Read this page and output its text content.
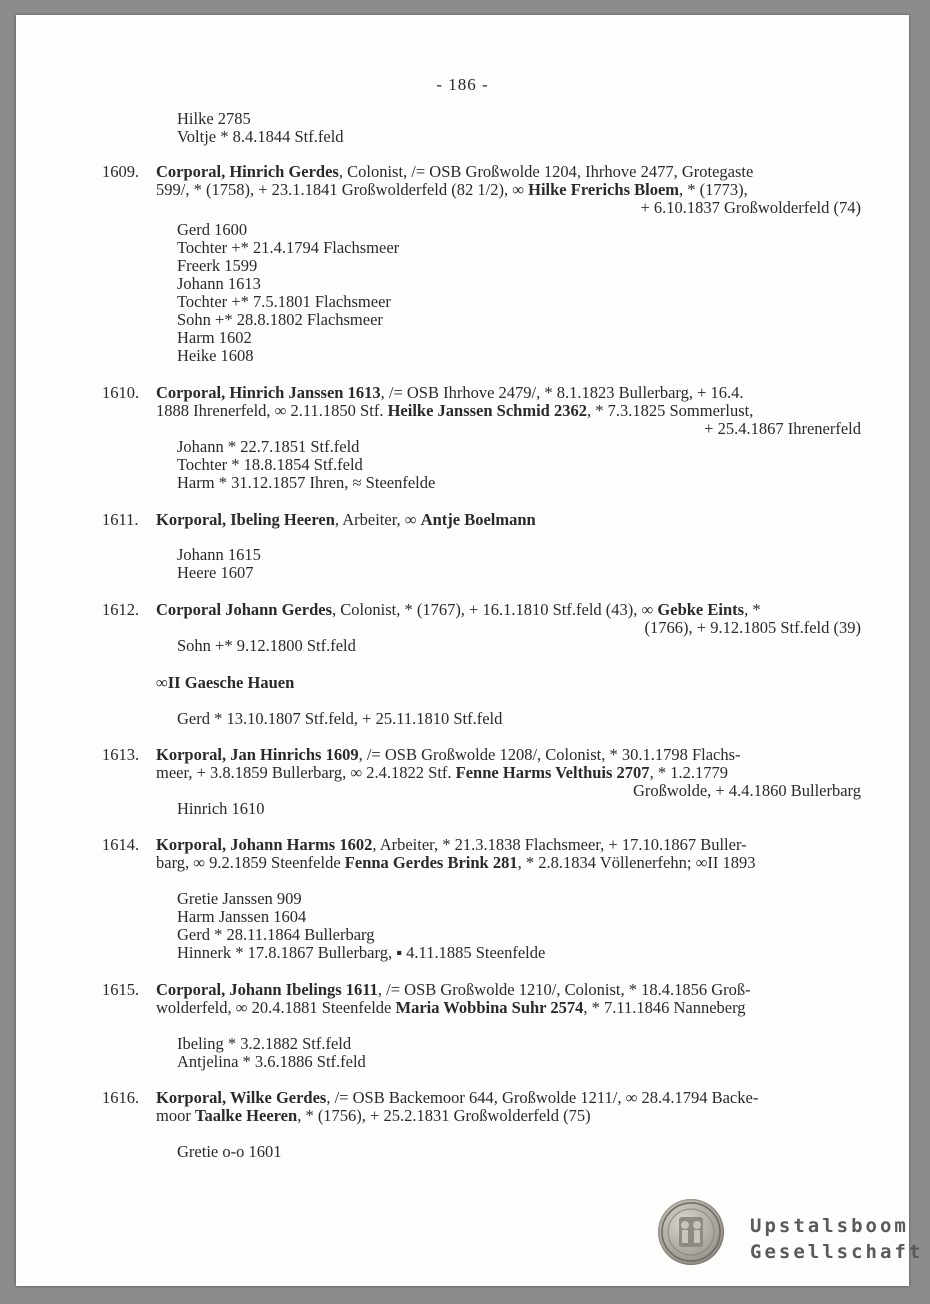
- 186 -
Hilke 2785
Voltje * 8.4.1844 Stf.feld
1609. Corporal, Hinrich Gerdes, Colonist, /= OSB Großwolde 1204, Ihrhove 2477, Grotegaste
599/, * (1758), + 23.1.1841 Großwolderfeld (82 1/2), ∞ Hilke Frerichs Bloem, * (1773),
+ 6.10.1837 Großwolderfeld (74)
Gerd 1600
Tochter +* 21.4.1794 Flachsmeer
Freerk 1599
Johann 1613
Tochter +* 7.5.1801 Flachsmeer
Sohn +* 28.8.1802 Flachsmeer
Harm 1602
Heike 1608
1610. Corporal, Hinrich Janssen 1613, /= OSB Ihrhove 2479/, * 8.1.1823 Bullerbarg, + 16.4.
1888 Ihrenerfeld, ∞ 2.11.1850 Stf. Heilke Janssen Schmid 2362, * 7.3.1825 Sommerlust,
+ 25.4.1867 Ihrenerfeld
Johann * 22.7.1851 Stf.feld
Tochter * 18.8.1854 Stf.feld
Harm * 31.12.1857 Ihren, ≈ Steenfelde
1611. Korporal, Ibeling Heeren, Arbeiter, ∞ Antje Boelmann
Johann 1615
Heere 1607
1612. Corporal Johann Gerdes, Colonist, * (1767), + 16.1.1810 Stf.feld (43), ∞ Gebke Eints, *
(1766), + 9.12.1805 Stf.feld (39)
Sohn +* 9.12.1800 Stf.feld
∞II Gaesche Hauen
Gerd * 13.10.1807 Stf.feld, + 25.11.1810 Stf.feld
1613. Korporal, Jan Hinrichs 1609, /= OSB Großwolde 1208/, Colonist, * 30.1.1798 Flachs-
meer, + 3.8.1859 Bullerbarg, ∞ 2.4.1822 Stf. Fenne Harms Velthuis 2707, * 1.2.1779
Großwolde, + 4.4.1860 Bullerbarg
Hinrich 1610
1614. Korporal, Johann Harms 1602, Arbeiter, * 21.3.1838 Flachsmeer, + 17.10.1867 Buller-
barg, ∞ 9.2.1859 Steenfelde Fenna Gerdes Brink 281, * 2.8.1834 Völlenerfehn; ∞II 1893
Gretie Janssen 909
Harm Janssen 1604
Gerd * 28.11.1864 Bullerbarg
Hinnerk * 17.8.1867 Bullerbarg, ▪ 4.11.1885 Steenfelde
1615. Corporal, Johann Ibelings 1611, /= OSB Großwolde 1210/, Colonist, * 18.4.1856 Groß-
wolderfeld, ∞ 20.4.1881 Steenfelde Maria Wobbina Suhr 2574, * 7.11.1846 Nanneberg
Ibeling * 3.2.1882 Stf.feld
Antjelina * 3.6.1886 Stf.feld
1616. Korporal, Wilke Gerdes, /= OSB Backemoor 644, Großwolde 1211/, ∞ 28.4.1794 Backe-
moor Taalke Heeren, * (1756), + 25.2.1831 Großwolderfeld (75)
Gretie o-o 1601
Upstalsboom
Gesellschaft
